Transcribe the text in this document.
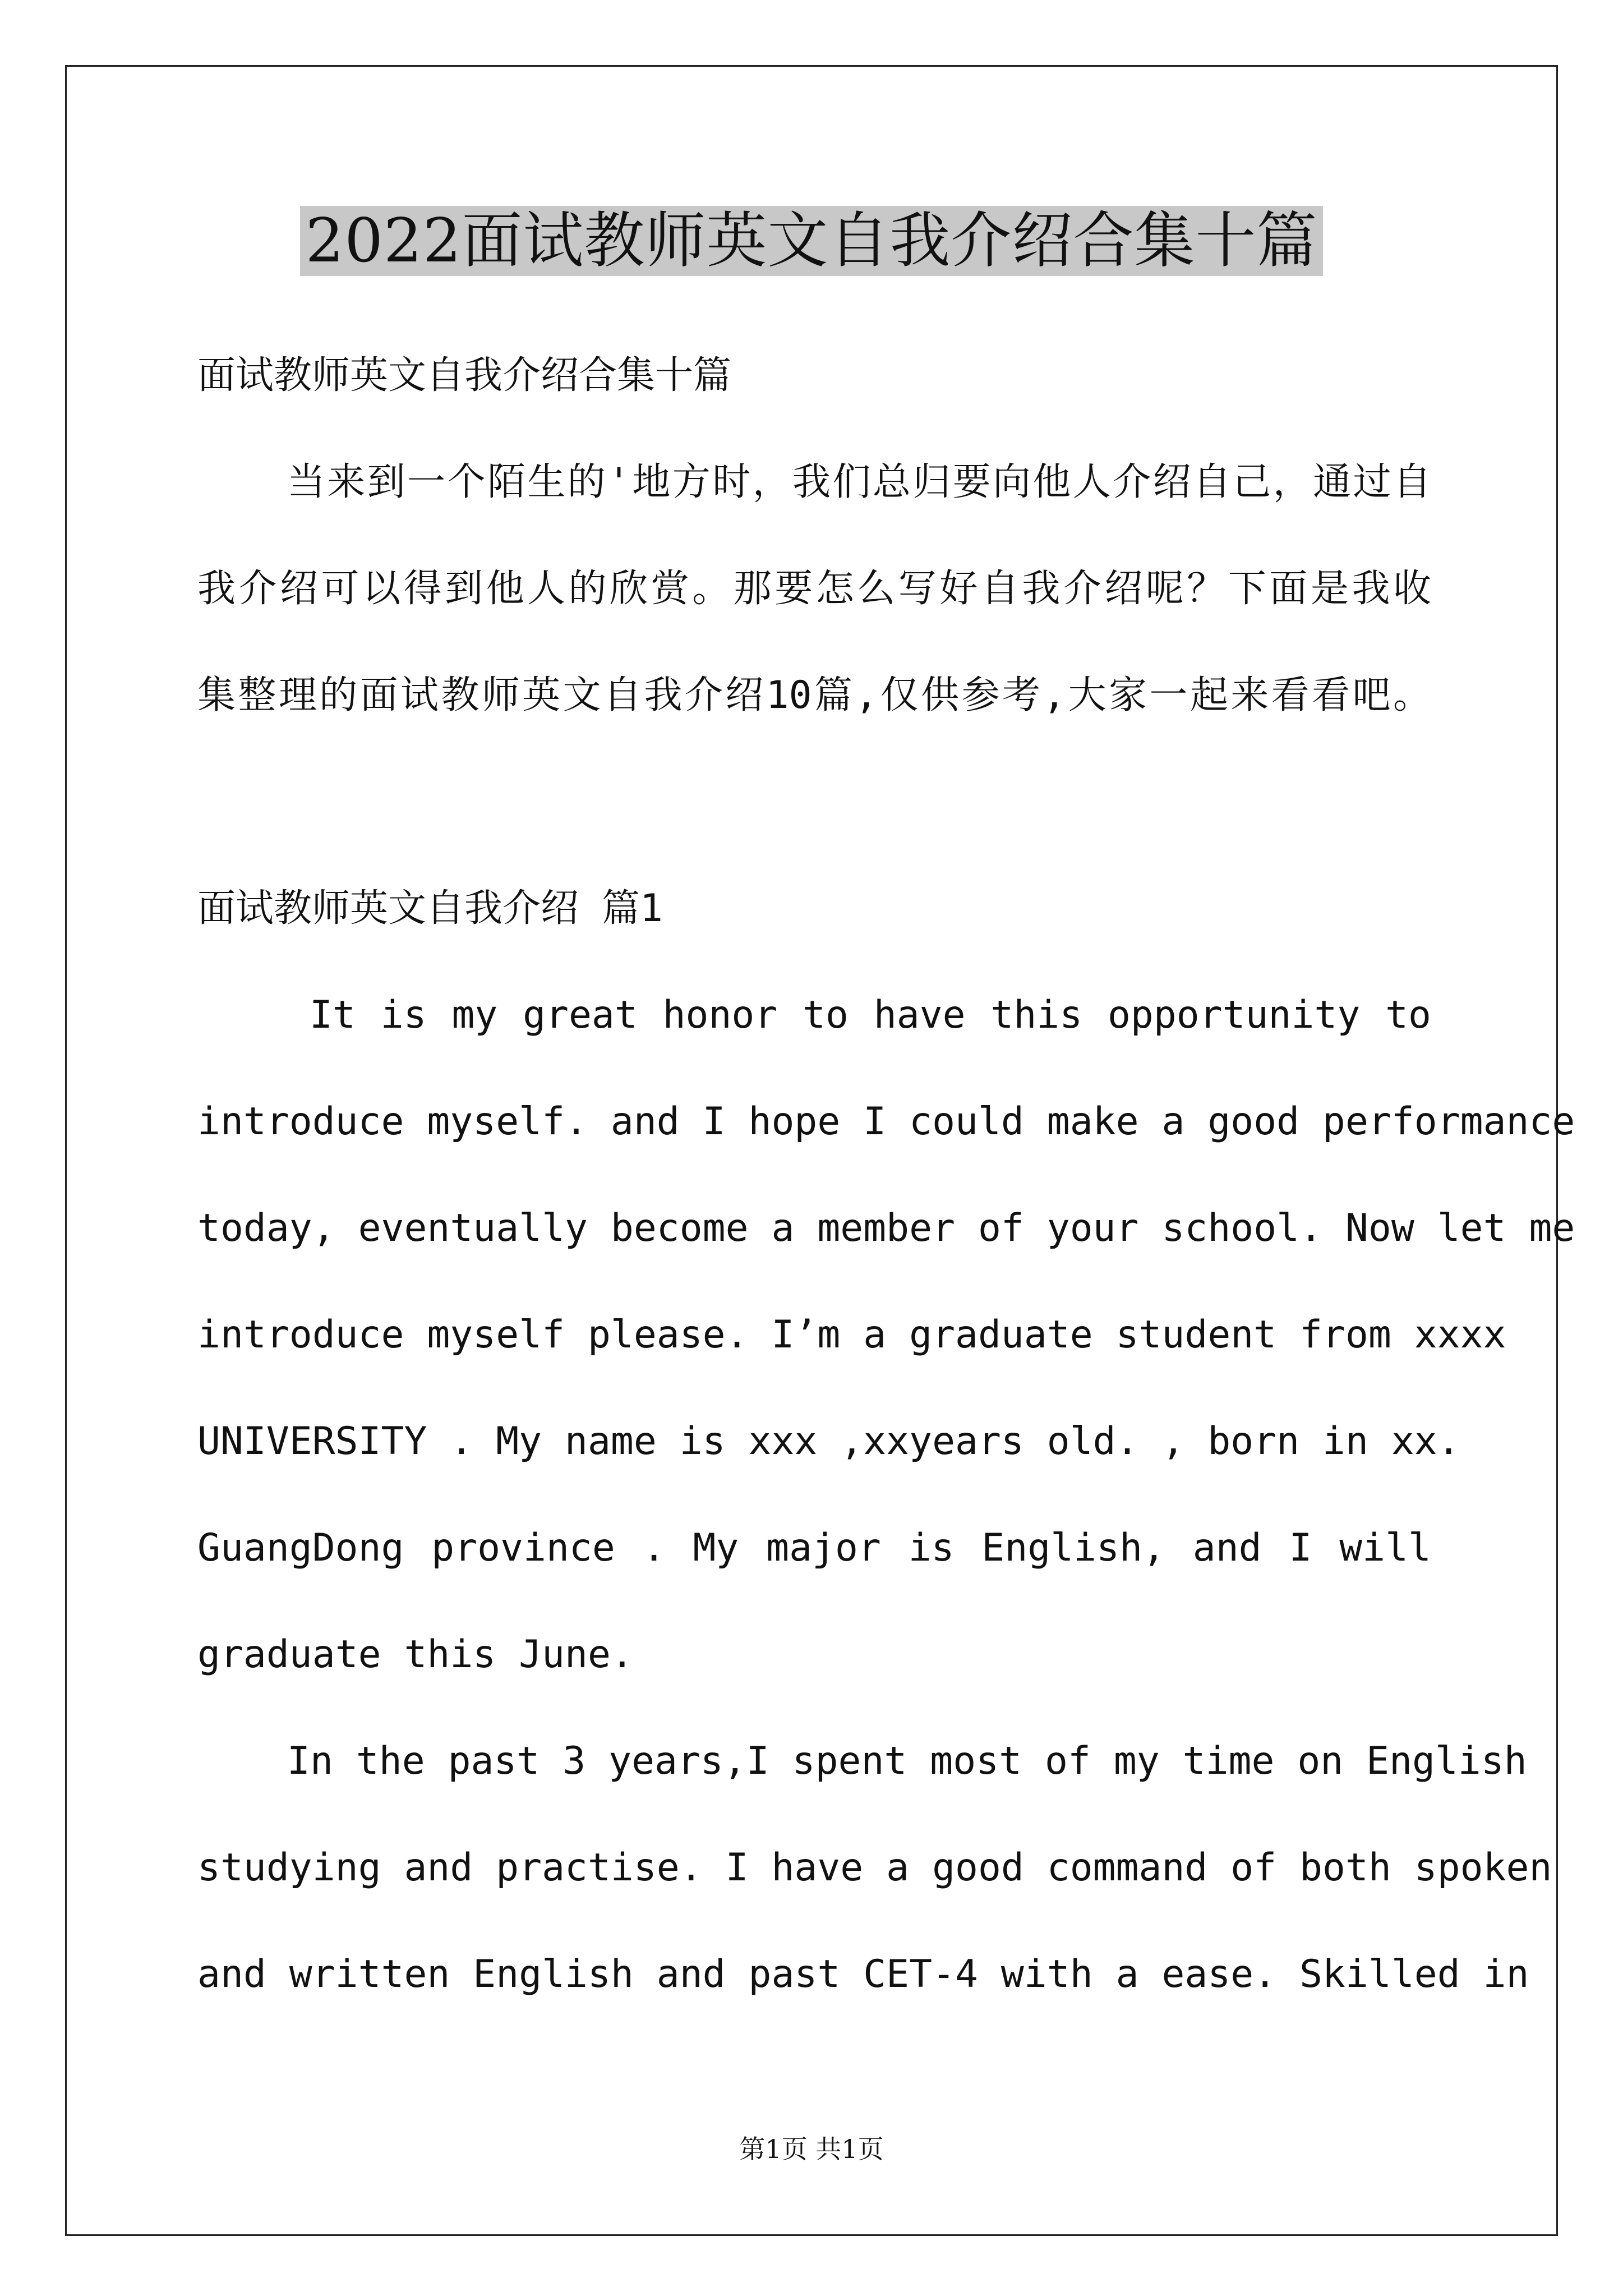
2022面试教师英文自我介绍合集十篇
面试教师英文自我介绍合集十篇
当来到一个陌生的'地方时，我们总归要向他人介绍自己，通过自
我介绍可以得到他人的欣赏。那要怎么写好自我介绍呢？下面是我收
集整理的面试教师英文自我介绍10篇,仅供参考,大家一起来看看吧。
面试教师英文自我介绍 篇1
It is my great honor to have this opportunity to
introduce myself. and I hope I could make a good performance
today, eventually become a member of your school. Now let me
introduce myself please. I’m a graduate student from xxxx
UNIVERSITY . My name is xxx ,xxyears old. , born in xx.
GuangDong province . My major is English, and I will
graduate this June.
In the past 3 years,I spent most of my time on English
studying and practise. I have a good command of both spoken
and written English and past CET-4 with a ease. Skilled in
第1页 共1页
